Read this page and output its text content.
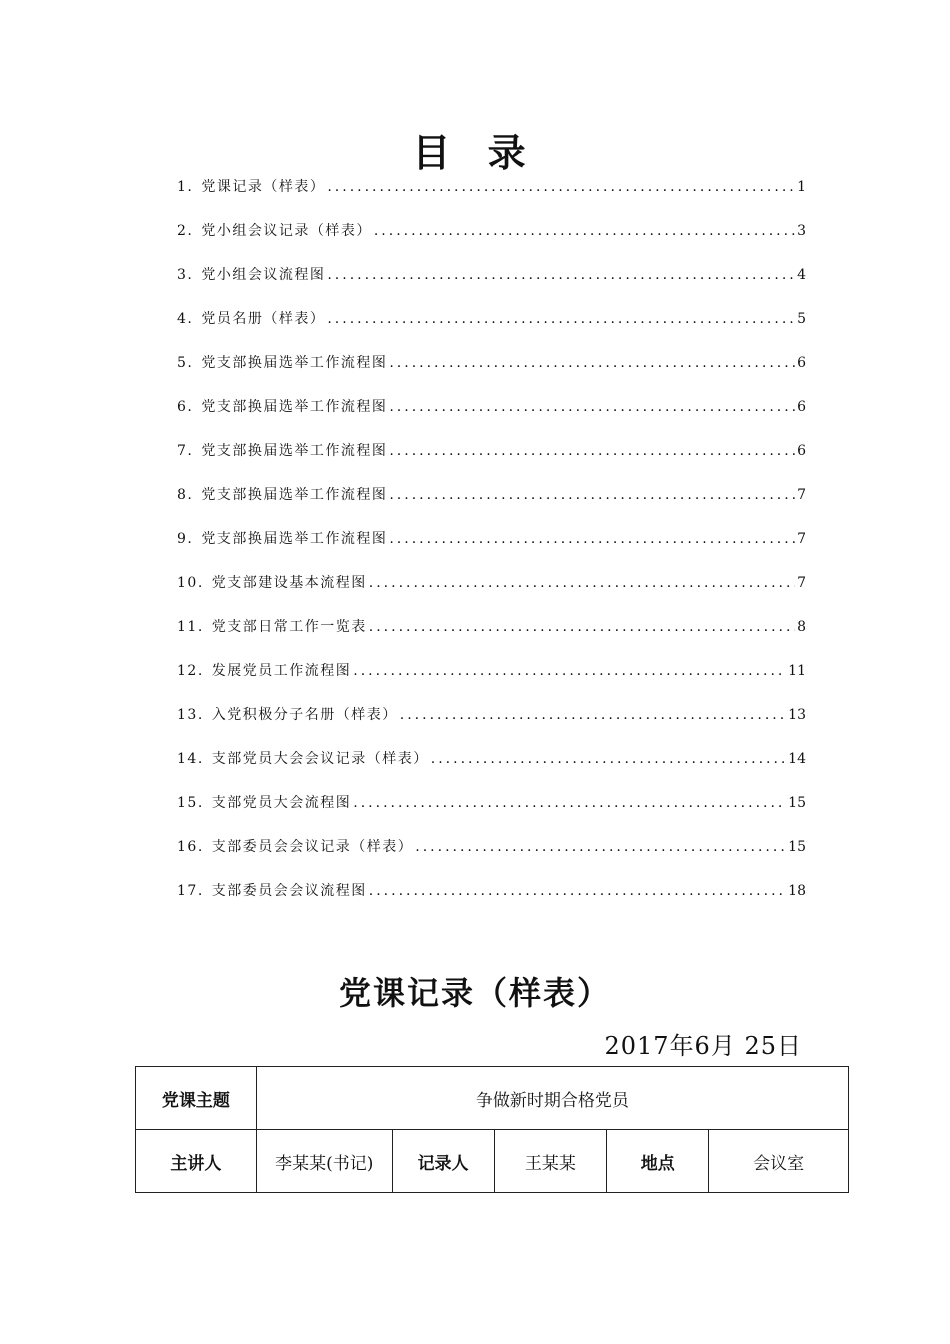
目 录
1. 党课记录（样表） .....	1
2. 党小组会议记录（样表） .....	3
3. 党小组会议流程图 .....	4
4. 党员名册（样表） .....	5
5. 党支部换届选举工作流程图 .....	6
6. 党支部换届选举工作流程图 .....	6
7. 党支部换届选举工作流程图 .....	6
8. 党支部换届选举工作流程图 .....	7
9. 党支部换届选举工作流程图 .....	7
10. 党支部建设基本流程图 .....	7
11. 党支部日常工作一览表 .....	8
12. 发展党员工作流程图 .....	11
13. 入党积极分子名册（样表） .....	13
14. 支部党员大会会议记录（样表） .....	14
15. 支部党员大会流程图 .....	15
16. 支部委员会会议记录（样表） .....	15
17. 支部委员会会议流程图 .....	18
党课记录（样表）
2017年6月 25日
党课主题	争做新时期合格党员				
主讲人	李某某(书记)	记录人	王某某	地点	会议室
